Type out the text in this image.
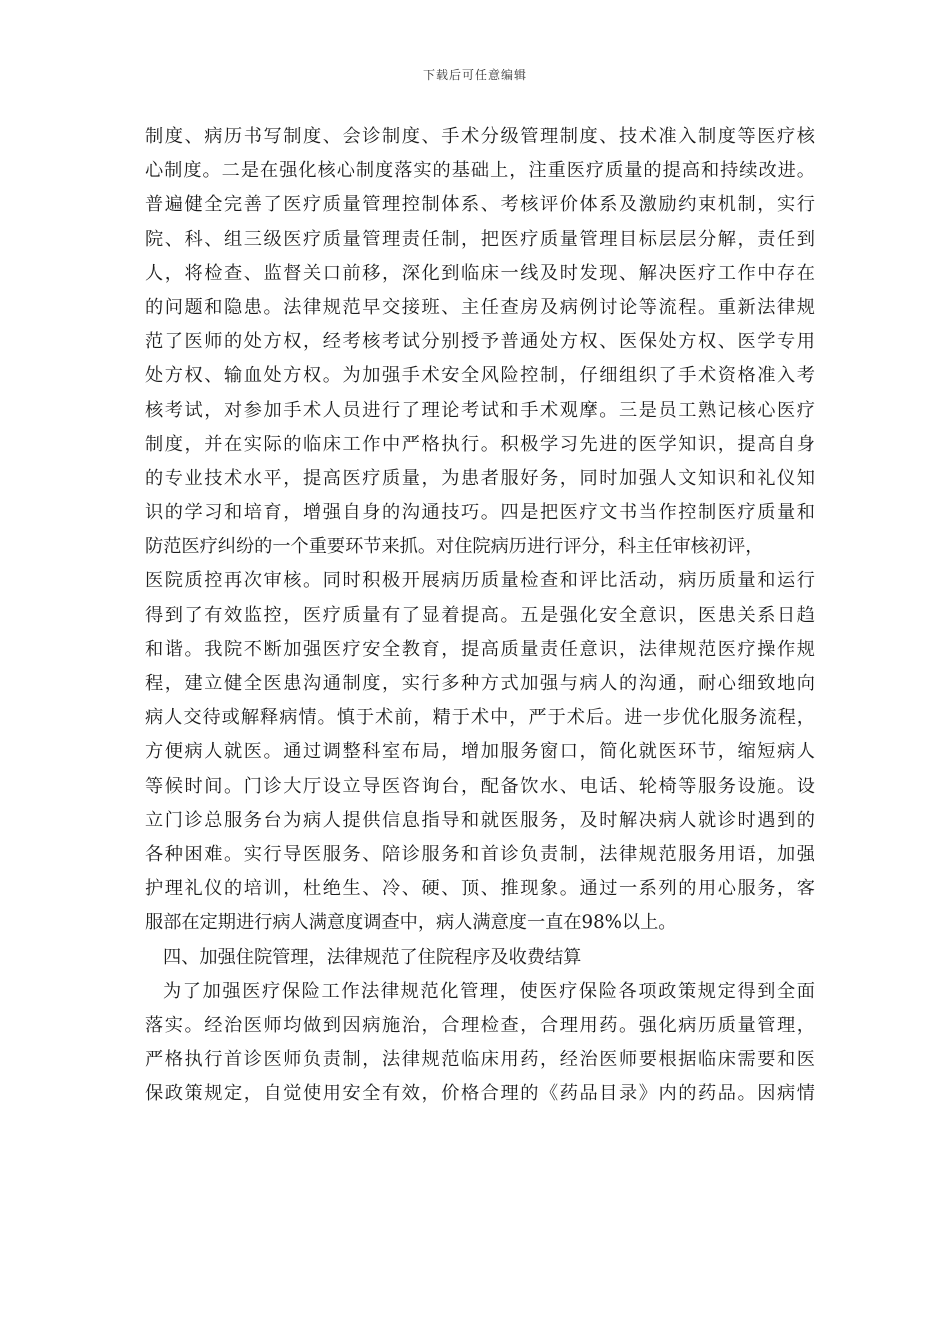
下载后可任意编辑
制度、病历书写制度、会诊制度、手术分级管理制度、技术准入制度等医疗核
心制度。二是在强化核心制度落实的基础上，注重医疗质量的提高和持续改进。
普遍健全完善了医疗质量管理控制体系、考核评价体系及激励约束机制，实行
院、科、组三级医疗质量管理责任制，把医疗质量管理目标层层分解，责任到
人，将检查、监督关口前移，深化到临床一线及时发现、解决医疗工作中存在
的问题和隐患。法律规范早交接班、主任查房及病例讨论等流程。重新法律规
范了医师的处方权，经考核考试分别授予普通处方权、医保处方权、医学专用
处方权、输血处方权。为加强手术安全风险控制，仔细组织了手术资格准入考
核考试，对参加手术人员进行了理论考试和手术观摩。三是员工熟记核心医疗
制度，并在实际的临床工作中严格执行。积极学习先进的医学知识，提高自身
的专业技术水平，提高医疗质量，为患者服好务，同时加强人文知识和礼仪知
识的学习和培育，增强自身的沟通技巧。四是把医疗文书当作控制医疗质量和
防范医疗纠纷的一个重要环节来抓。对住院病历进行评分，科主任审核初评，
医院质控再次审核。同时积极开展病历质量检查和评比活动，病历质量和运行
得到了有效监控，医疗质量有了显着提高。五是强化安全意识，医患关系日趋
和谐。我院不断加强医疗安全教育，提高质量责任意识，法律规范医疗操作规
程，建立健全医患沟通制度，实行多种方式加强与病人的沟通，耐心细致地向
病人交待或解释病情。慎于术前，精于术中，严于术后。进一步优化服务流程，
方便病人就医。通过调整科室布局，增加服务窗口，简化就医环节，缩短病人
等候时间。门诊大厅设立导医咨询台，配备饮水、电话、轮椅等服务设施。设
立门诊总服务台为病人提供信息指导和就医服务，及时解决病人就诊时遇到的
各种困难。实行导医服务、陪诊服务和首诊负责制，法律规范服务用语，加强
护理礼仪的培训，杜绝生、冷、硬、顶、推现象。通过一系列的用心服务，客
服部在定期进行病人满意度调查中，病人满意度一直在98%以上。
四、加强住院管理，法律规范了住院程序及收费结算
为了加强医疗保险工作法律规范化管理，使医疗保险各项政策规定得到全面
落实。经治医师均做到因病施治，合理检查，合理用药。强化病历质量管理，
严格执行首诊医师负责制，法律规范临床用药，经治医师要根据临床需要和医
保政策规定，自觉使用安全有效，价格合理的《药品目录》内的药品。因病情
